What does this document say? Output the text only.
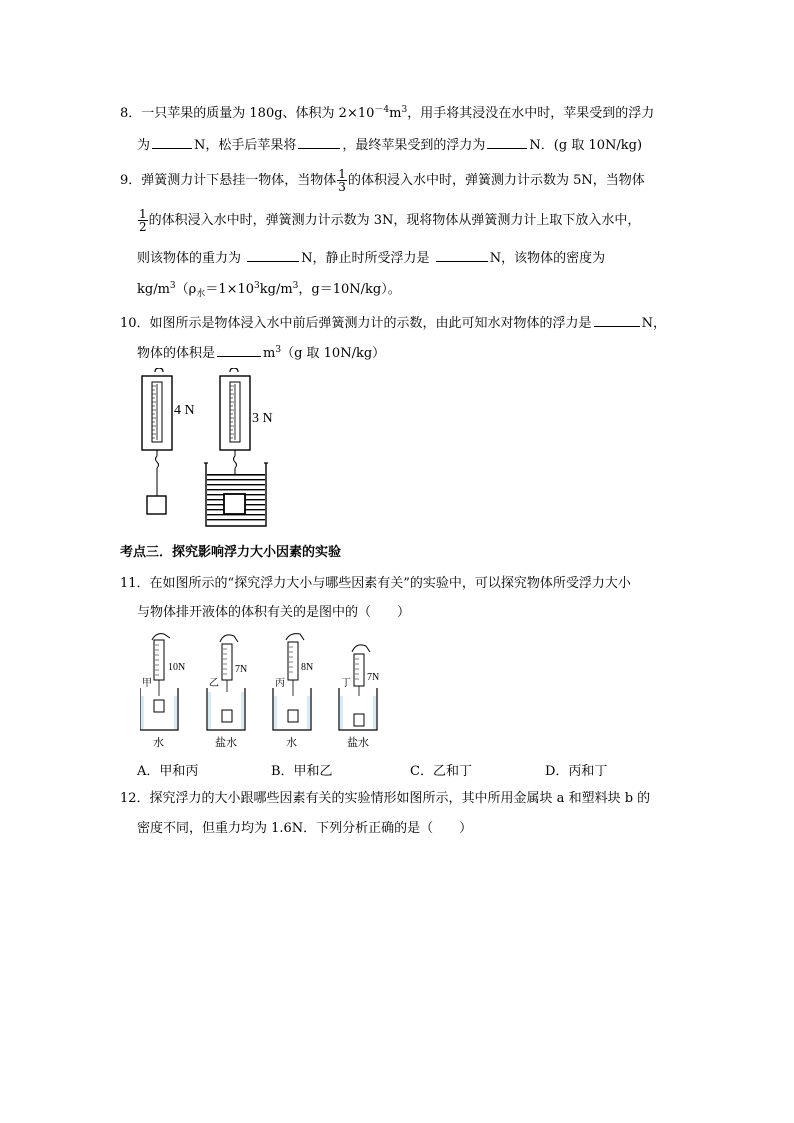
8．一只苹果的质量为 180g、体积为 $2\times 10^{-4}m^3$，用手将其浸没在水中时，苹果受到的浮力
为	N，松手后苹果将	，最终苹果受到的浮力为	N．(g 取 10N/kg)
9．弹簧测力计下悬挂一物体，当物体 $\frac{1}{3}$ 的体积浸入水中时，弹簧测力计示数为 5N，当物体
$\frac{1}{2}$ 的体积浸入水中时，弹簧测力计示数为 3N，现将物体从弹簧测力计上取下放入水中，
则该物体的重力为	N，静止时所受浮力是	N，该物体的密度为
$kg/m^3(\rho_水=1\times 10^3kg/m^3$，g＝10N/kg）。
10．如图所示是物体浸入水中前后弹簧测力计的示数，由此可知水对物体的浮力是	N，
物体的体积是	$m^3(g$ 取 10N/kg）
4 N
3 N
考点三．探究影响浮力大小因素的实验
11．在如图所示的“探究浮力大小与哪些因素有关”的实验中，可以探究物体所受浮力大小
与物体排开液体的体积有关的是图中的（　　）
10N	7N	8N
7N
甲	乙	丙	丁
水	盐水	水	盐水
A．甲和丙	B．甲和乙	C．乙和丁	D．丙和丁
12．探究浮力的大小跟哪些因素有关的实验情形如图所示，其中所用金属块 a 和塑料块 b 的
密度不同，但重力均为 1.6N．下列分析正确的是（　　）
